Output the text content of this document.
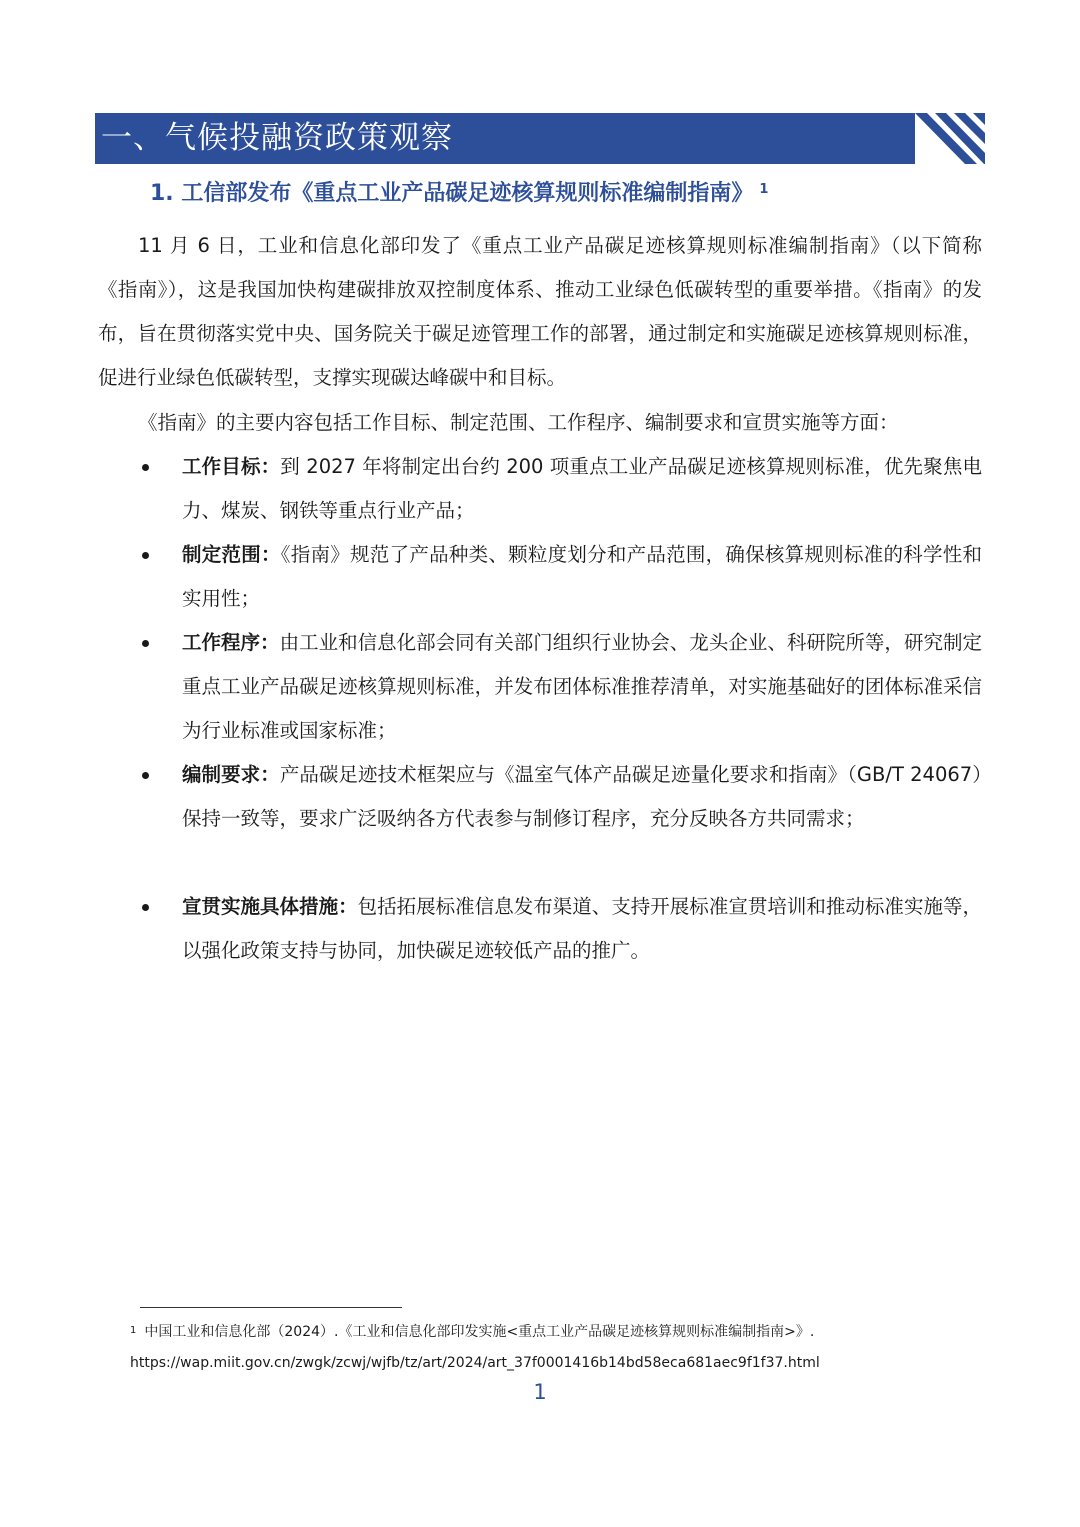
一、气候投融资政策观察
1. 工信部发布《重点工业产品碳足迹核算规则标准编制指南》 $^1$
11 月 6 日，工业和信息化部印发了《重点工业产品碳足迹核算规则标准编制指南》（以下简称《指南》），这是我国加快构建碳排放双控制度体系、推动工业绿色低碳转型的重要举措。《指南》的发布，旨在贯彻落实党中央、国务院关于碳足迹管理工作的部署，通过制定和实施碳足迹核算规则标准，促进行业绿色低碳转型，支撑实现碳达峰碳中和目标。
《指南》的主要内容包括工作目标、制定范围、工作程序、编制要求和宣贯实施等方面：
工作目标：到 2027 年将制定出台约 200 项重点工业产品碳足迹核算规则标准，优先聚焦电力、煤炭、钢铁等重点行业产品；
制定范围：《指南》规范了产品种类、颗粒度划分和产品范围，确保核算规则标准的科学性和实用性；
工作程序：由工业和信息化部会同有关部门组织行业协会、龙头企业、科研院所等，研究制定重点工业产品碳足迹核算规则标准，并发布团体标准推荐清单，对实施基础好的团体标准采信为行业标准或国家标准；
编制要求：产品碳足迹技术框架应与《温室气体产品碳足迹量化要求和指南》（GB/T 24067）保持一致等，要求广泛吸纳各方代表参与制修订程序，充分反映各方共同需求；
宣贯实施具体措施：包括拓展标准信息发布渠道、支持开展标准宣贯培训和推动标准实施等，以强化政策支持与协同，加快碳足迹较低产品的推广。
$^1$ 中国工业和信息化部（2024）.《工业和信息化部印发实施<重点工业产品碳足迹核算规则标准编制指南>》.
https://wap.miit.gov.cn/zwgk/zcwj/wjfb/tz/art/2024/art_37f0001416b14bd58eca681aec9f1f37.html
1
